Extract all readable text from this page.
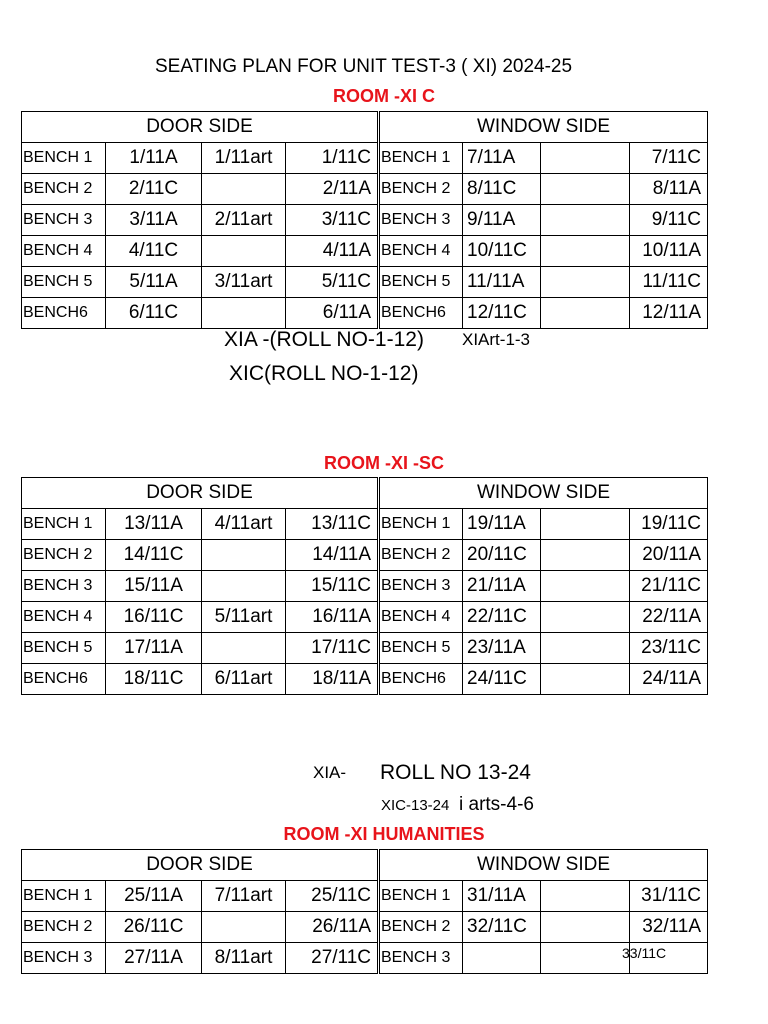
SEATING PLAN FOR UNIT TEST-3 ( XI) 2024-25
ROOM -XI C
DOOR SIDE				WINDOW SIDE			
BENCH 1	1/11A	1/11art	1/11C	BENCH 1	7/11A		7/11C
BENCH 2	2/11C		2/11A	BENCH 2	8/11C		8/11A
BENCH 3	3/11A	2/11art	3/11C	BENCH 3	9/11A		9/11C
BENCH 4	4/11C		4/11A	BENCH 4	10/11C		10/11A
BENCH 5	5/11A	3/11art	5/11C	BENCH 5	11/11A		11/11C
BENCH6	6/11C		6/11A	BENCH6	12/11C		12/11A
XIA -(ROLL NO-1-12) XIArt-1-3
XIC(ROLL NO-1-12)
ROOM -XI -SC
DOOR SIDE				WINDOW SIDE			
BENCH 1	13/11A	4/11art	13/11C	BENCH 1	19/11A		19/11C
BENCH 2	14/11C		14/11A	BENCH 2	20/11C		20/11A
BENCH 3	15/11A		15/11C	BENCH 3	21/11A		21/11C
BENCH 4	16/11C	5/11art	16/11A	BENCH 4	22/11C		22/11A
BENCH 5	17/11A		17/11C	BENCH 5	23/11A		23/11C
BENCH6	18/11C	6/11art	18/11A	BENCH6	24/11C		24/11A
XIA- ROLL NO 13-24
XIC-13-24 i arts-4-6
ROOM -XI HUMANITIES
DOOR SIDE				WINDOW SIDE			
BENCH 1	25/11A	7/11art	25/11C	BENCH 1	31/11A		31/11C
BENCH 2	26/11C		26/11A	BENCH 2	32/11C		32/11A
BENCH 3	27/11A	8/11art	27/11C	BENCH 3				33/11C
